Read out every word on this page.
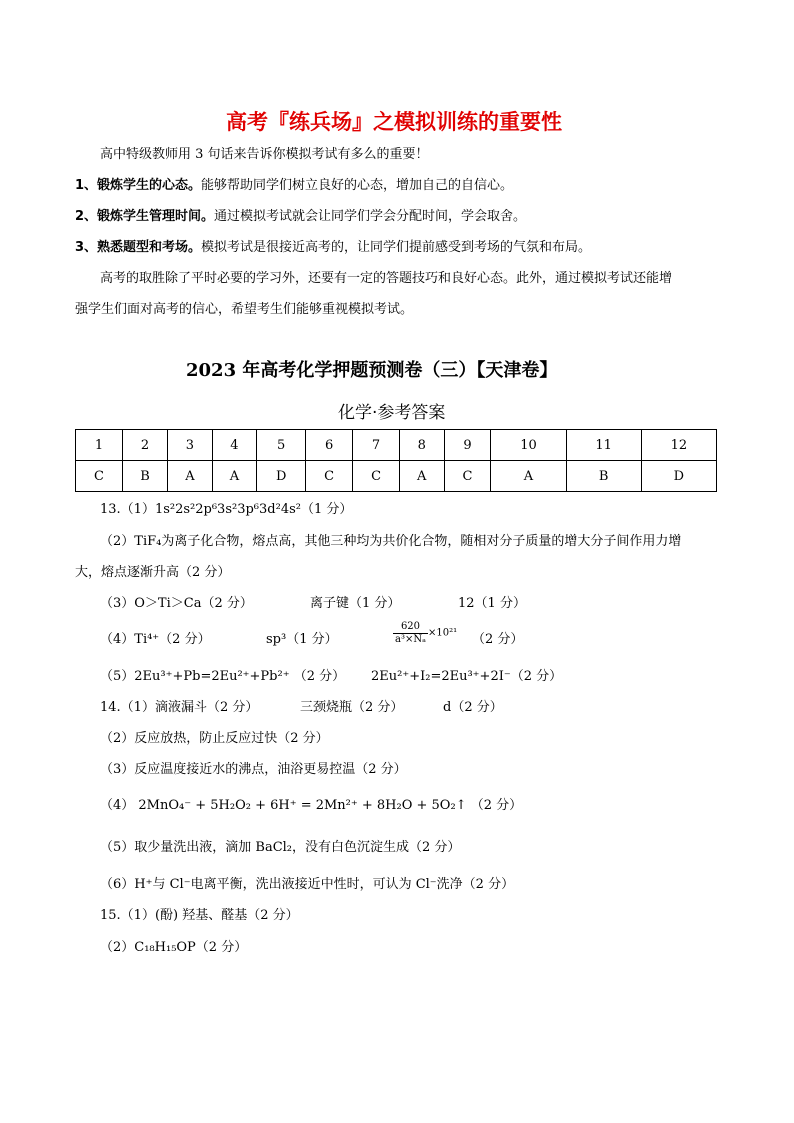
高考『练兵场』之模拟训练的重要性
高中特级教师用 3 句话来告诉你模拟考试有多么的重要！
1、锻炼学生的心态。能够帮助同学们树立良好的心态，增加自己的自信心。
2、锻炼学生管理时间。通过模拟考试就会让同学们学会分配时间，学会取舍。
3、熟悉题型和考场。模拟考试是很接近高考的，让同学们提前感受到考场的气氛和布局。
高考的取胜除了平时必要的学习外，还要有一定的答题技巧和良好心态。此外，通过模拟考试还能增
强学生们面对高考的信心，希望考生们能够重视模拟考试。
2023 年高考化学押题预测卷（三）【天津卷】
化学·参考答案
1	2	3	4	5	6	7	8	9	10	11	12
C	B	A	A	D	C	C	A	C	A	B	D
13.（1）1s²2s²2p⁶3s²3p⁶3d²4s²（1 分）
（2）TiF₄为离子化合物，熔点高，其他三种均为共价化合物，随相对分子质量的增大分子间作用力增
大，熔点逐渐升高（2 分）
（3）O＞Ti＞Ca（2 分）	离子键（1 分）	12（1 分）
（4）Ti⁴⁺（2 分）	sp³（1 分）	$\frac{620}{\text{a³×Nₐ}} \times 10^{21}$ （2 分）
（5）2Eu³⁺+Pb=2Eu²⁺+Pb²⁺ （2 分） 2Eu²⁺+I₂=2Eu³⁺+2I⁻（2 分）
14.（1）滴液漏斗（2 分）	三颈烧瓶（2 分）	d（2 分）
（2）反应放热，防止反应过快（2 分）
（3）反应温度接近水的沸点，油浴更易控温（2 分）
（4） 2MnO₄⁻ + 5H₂O₂ + 6H⁺ = 2Mn²⁺ + 8H₂O + 5O₂↑ （2 分）
（5）取少量洗出液，滴加 BaCl₂，没有白色沉淀生成（2 分）
（6）H⁺与 Cl⁻电离平衡，洗出液接近中性时，可认为 Cl⁻洗净（2 分）
15.（1）(酚) 羟基、醛基（2 分）
（2）C₁₈H₁₅OP（2 分）
